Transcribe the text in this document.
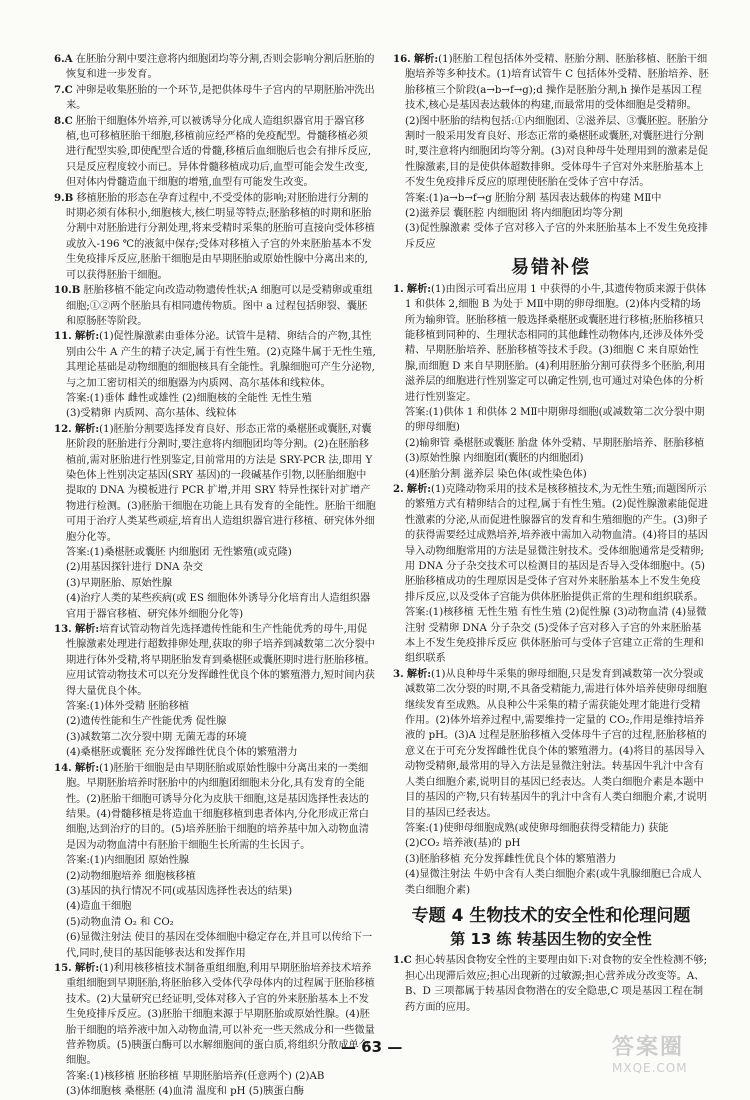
6.A 在胚胎分割中要注意将内细胞团均等分割,否则会影响分割后胚胎的恢复和进一步发育。

7.C 冲卵是收集胚胎的一个环节,是把供体母牛子宫内的早期胚胎冲洗出来。

8.C 胚胎干细胞体外培养,可以被诱导分化成人造组织器官用于器官移植,也可移植胚胎干细胞,移植前应经严格的免疫配型。骨髓移植必须进行配型实验,即使配型合适的骨髓,移植后血细胞后也会有排斥反应,只是反应程度较小而已。异体骨髓移植成功后,血型可能会发生改变,但对体内骨髓造血干细胞的增殖,血型有可能发生改变。

9.B 移植胚胎的形态在孕育过程中,不受受体的影响;对胚胎进行分割的时期必须有体积小,细胞核大,核仁明显等特点;胚胎移植的时期和胚胎分割中对胚胎进行分割处理,将来受精时采集的胚胎可直接向受体移植或放入-196 ℃的液氮中保存;受体对移植入子宫的外来胚胎基本不发生免疫排斥反应,胚胎干细胞是由早期胚胎或原始性腺中分离出来的,可以获得胚胎干细胞。

10.B 胚胎移植不能定向改造动物遗传性状;A 细胞可以是受精卵或重组细胞;①②两个胚胎具有相同遗传物质。图中 a 过程包括卵裂、囊胚和原肠胚等阶段。

11. 解析:(1)促性腺激素由垂体分泌。试管牛是精、卵结合的产物,其性别由公牛 A 产生的精子决定,属于有性生殖。(2)克隆牛属于无性生殖,其理论基础是动物细胞的细胞核具有全能性。乳腺细胞可产生分泌物,与之加工密切相关的细胞器为内质网、高尔基体和线粒体。

答案:(1)垂体 雌性或雄性 (2)细胞核的全能性 无性生殖

(3)受精卵 内质网、高尔基体、线粒体

12. 解析:(1)胚胎分割要选择发育良好、形态正常的桑椹胚或囊胚,对囊胚阶段的胚胎进行分割时,要注意将内细胞团均等分割。(2)在胚胎移植前,需对胚胎进行性别鉴定,目前常用的方法是 SRY-PCR 法,即用 Y 染色体上性别决定基因(SRY 基因)的一段碱基作引物,以胚胎细胞中提取的 DNA 为模板进行 PCR 扩增,并用 SRY 特异性探针对扩增产物进行检测。(3)胚胎干细胞在功能上具有发育的全能性。胚胎干细胞可用于治疗人类某些顽症,培育出人造组织器官进行移植、研究体外细胞分化等。

答案:(1)桑椹胚或囊胚 内细胞团 无性繁殖(或克隆)

(2)用基因探针进行 DNA 杂交

(3)早期胚胎、原始性腺

(4)治疗人类的某些疾病(或 ES 细胞体外诱导分化培育出人造组织器官用于器官移植、研究体外细胞分化等)

13. 解析:培育试管动物首先选择遗传性能和生产性能优秀的母牛,用促性腺激素处理进行超数排卵处理,获取的卵子培养到减数第二次分裂中期进行体外受精,将早期胚胎发育到桑椹胚或囊胚期时进行胚胎移植。应用试管动物技术可以充分发挥雌性优良个体的繁殖潜力,短时间内获得大量优良个体。

答案:(1)体外受精 胚胎移植

(2)遗传性能和生产性能优秀 促性腺

(3)减数第二次分裂中期 无菌无毒的环境

(4)桑椹胚或囊胚 充分发挥雌性优良个体的繁殖潜力

14. 解析:(1)胚胎干细胞是由早期胚胎或原始性腺中分离出来的一类细胞。早期胚胎培养时胚胎中的内细胞团细胞未分化,具有发育的全能性。(2)胚胎干细胞可诱导分化为皮肤干细胞,这是基因选择性表达的结果。(4)骨髓移植是将造血干细胞移植到患者体内,分化形成正常白细胞,达到治疗的目的。(5)培养胚胎干细胞的培养基中加入动物血清是因为动物血清中有胚胎干细胞生长所需的生长因子。

答案:(1)内细胞团 原始性腺

(2)动物细胞培养 细胞核移植

(3)基因的执行情况不同(或基因选择性表达的结果)

(4)造血干细胞

(5)动物血清 O₂ 和 CO₂

(6)显微注射法 使目的基因在受体细胞中稳定存在,并且可以传给下一代,同时,使目的基因能够表达和发挥作用

15. 解析:(1)利用核移植技术制备重组细胞,利用早期胚胎培养技术培养重组细胞到早期胚胎,将胚胎移入受体代孕母体内的过程属于胚胎移植技术。(2)大量研究已经证明,受体对移入子宫的外来胚胎基本上不发生免疫排斥反应。(3)胚胎干细胞来源于早期胚胎或原始性腺。(4)胚胎干细胞的培养液中加入动物血清,可以补充一些天然成分和一些微量营养物质。(5)胰蛋白酶可以水解细胞间的蛋白质,将组织分散成单个细胞。

答案:(1)核移植 胚胎移植 早期胚胎培养(任意两个) (2)AB

(3)体细胞核 桑椹胚 (4)血清 温度和 pH (5)胰蛋白酶

16. 解析:(1)胚胎工程包括体外受精、胚胎分割、胚胎移植、胚胎干细胞培养等多种技术。(1)培育试管牛 C 包括体外受精、胚胎培养、胚胎移植三个阶段(a→b→f→g);d 操作是胚胎分割,h 操作是基因工程技术,核心是基因表达载体的构建,而最常用的受体细胞是受精卵。(2)图中胚胎的结构包括:①内细胞团、②滋养层、③囊胚腔。胚胎分割时一般采用发育良好、形态正常的桑椹胚或囊胚,对囊胚进行分割时,要注意将内细胞团均等分割。(3)对良种母牛处理用到的激素是促性腺激素,目的是使供体超数排卵。受体母牛子宫对外来胚胎基本上不发生免疫排斥反应的原理使胚胎在受体子宫中存活。

答案:(1)a→b→f→g 胚胎分割 基因表达载体的构建 MⅡ中

(2)滋养层 囊胚腔 内细胞团 将内细胞团均等分割

(3)促性腺激素 受体子宫对移入子宫的外来胚胎基本上不发生免疫排斥反应

易错补偿

1. 解析:(1)由图示可看出应用 1 中获得的小牛,其遗传物质来源于供体 1 和供体 2,细胞 B 为处于 MⅡ中期的卵母细胞。(2)体内受精的场所为输卵管。胚胎移植一般选择桑椹胚或囊胚进行移植;胚胎移植只能移植到同种的、生理状态相同的其他雌性动物体内,还涉及体外受精、早期胚胎培养、胚胎移植等技术手段。(3)细胞 C 来自原始性腺,而细胞 D 来自早期胚胎。(4)利用胚胎分割可获得多个胚胎,利用滋养层的细胞进行性别鉴定可以确定性别,也可通过对染色体的分析进行性别鉴定。

答案:(1)供体 1 和供体 2 MⅡ中期卵母细胞(或减数第二次分裂中期的卵母细胞)

(2)输卵管 桑椹胚或囊胚 胎盘 体外受精、早期胚胎培养、胚胎移植

(3)原始性腺 内细胞团(囊胚的内细胞团)

(4)胚胎分割 滋养层 染色体(或性染色体)

2. 解析:(1)克隆动物采用的技术是核移植技术,为无性生殖;而题图所示的繁殖方式有精卵结合的过程,属于有性生殖。(2)促性腺激素能促进性激素的分泌,从而促进性腺器官的发育和生殖细胞的产生。(3)卵子的获得需要经过成熟培养,培养液中需加入动物血清。(4)将目的基因导入动物细胞常用的方法是显微注射技术。受体细胞通常是受精卵;用 DNA 分子杂交技术可以检测目的基因是否导入受体细胞中。(5)胚胎移植成功的生理原因是受体子宫对外来胚胎基本上不发生免疫排斥反应,以及受体子宫能为供体胚胎提供正常的生理和组织联系。

答案:(1)核移植 无性生殖 有性生殖 (2)促性腺 (3)动物血清 (4)显微注射 受精卵 DNA 分子杂交 (5)受体子宫对移入子宫的外来胚胎基本上不发生免疫排斥反应 供体胚胎可与受体子宫建立正常的生理和组织联系

3. 解析:(1)从良种母牛采集的卵母细胞,只是发育到减数第一次分裂或减数第二次分裂的时期,不具备受精能力,需进行体外培养使卵母细胞继续发育至成熟。从良种公牛采集的精子需获能处理才能进行受精作用。(2)体外培养过程中,需要维持一定量的 CO₂,作用是维持培养液的 pH。(3)A 过程是胚胎移植入受体母牛子宫的过程,胚胎移植的意义在于可充分发挥雌性优良个体的繁殖潜力。(4)将目的基因导入动物受精卵,最常用的导入方法是显微注射法。转基因牛乳汁中含有人类白细胞介素,说明目的基因已经表达。人类白细胞介素是本题中目的基因的产物,只有转基因牛的乳汁中含有人类白细胞介素,才说明目的基因已经表达。

答案:(1)使卵母细胞成熟(或使卵母细胞获得受精能力) 获能

(2)CO₂ 培养液(基)的 pH

(3)胚胎移植 充分发挥雌性优良个体的繁殖潜力

(4)显微注射法 牛奶中含有人类白细胞介素(或牛乳腺细胞已合成人类白细胞介素)

专题 4 生物技术的安全性和伦理问题
第 13 练 转基因生物的安全性

1.C 担心转基因食物安全性的主要理由如下:对食物的安全性检测不够;担心出现滞后效应;担心出现新的过敏源;担心营养成分改变等。A、B、D 三项都属于转基因食物潜在的安全隐患,C 项是基因工程在制药方面的应用。

— 63 —	答案圈
MXQE.COM
